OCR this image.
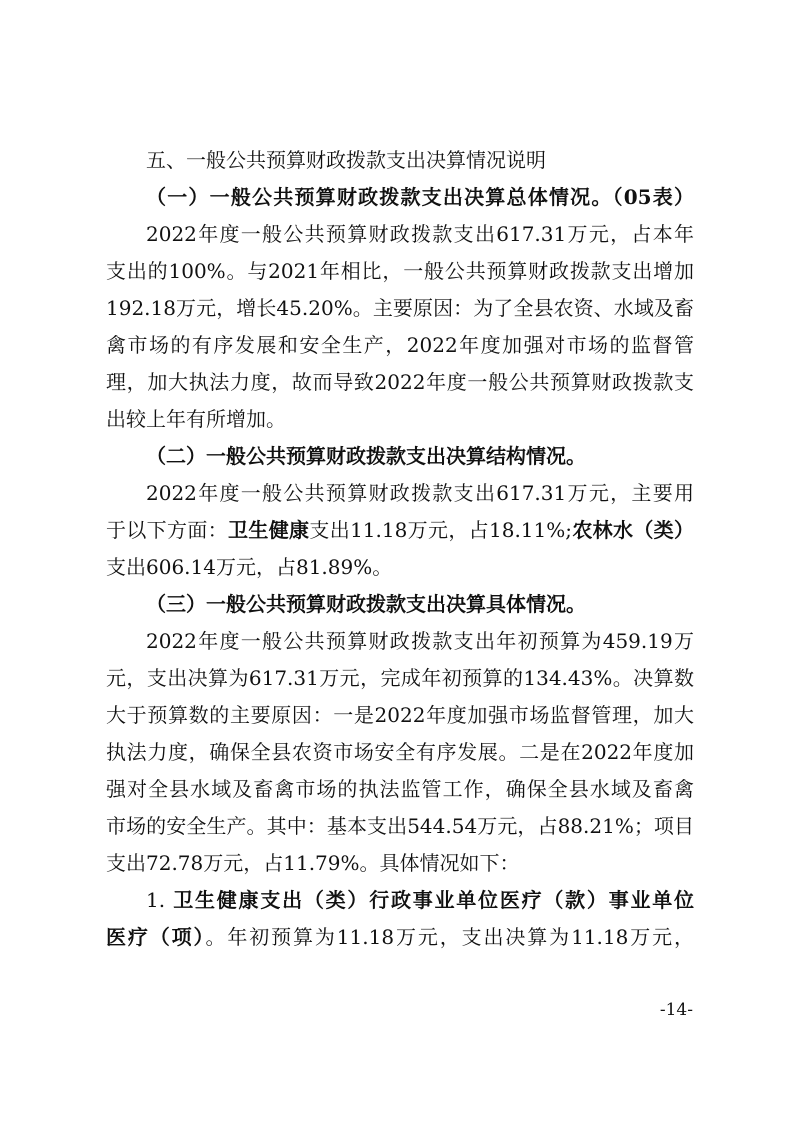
五、一般公共预算财政拨款支出决算情况说明
（一）一般公共预算财政拨款支出决算总体情况。（05表）
2022年度一般公共预算财政拨款支出617.31万元，占本年
支出的100%。与2021年相比，一般公共预算财政拨款支出增加
192.18万元，增长45.20%。主要原因：为了全县农资、水域及畜
禽市场的有序发展和安全生产，2022年度加强对市场的监督管
理，加大执法力度，故而导致2022年度一般公共预算财政拨款支
出较上年有所增加。
（二）一般公共预算财政拨款支出决算结构情况。
2022年度一般公共预算财政拨款支出617.31万元，主要用
于以下方面：卫生健康支出11.18万元，占18.11%;农林水（类）
支出606.14万元，占81.89%。
（三）一般公共预算财政拨款支出决算具体情况。
2022年度一般公共预算财政拨款支出年初预算为459.19万
元，支出决算为617.31万元，完成年初预算的134.43%。决算数
大于预算数的主要原因：一是2022年度加强市场监督管理，加大
执法力度，确保全县农资市场安全有序发展。二是在2022年度加
强对全县水域及畜禽市场的执法监管工作，确保全县水域及畜禽
市场的安全生产。其中：基本支出544.54万元，占88.21%；项目
支出72.78万元，占11.79%。具体情况如下：
1. 卫生健康支出（类）行政事业单位医疗（款）事业单位
医疗（项）。年初预算为11.18万元，支出决算为11.18万元，
-14-
